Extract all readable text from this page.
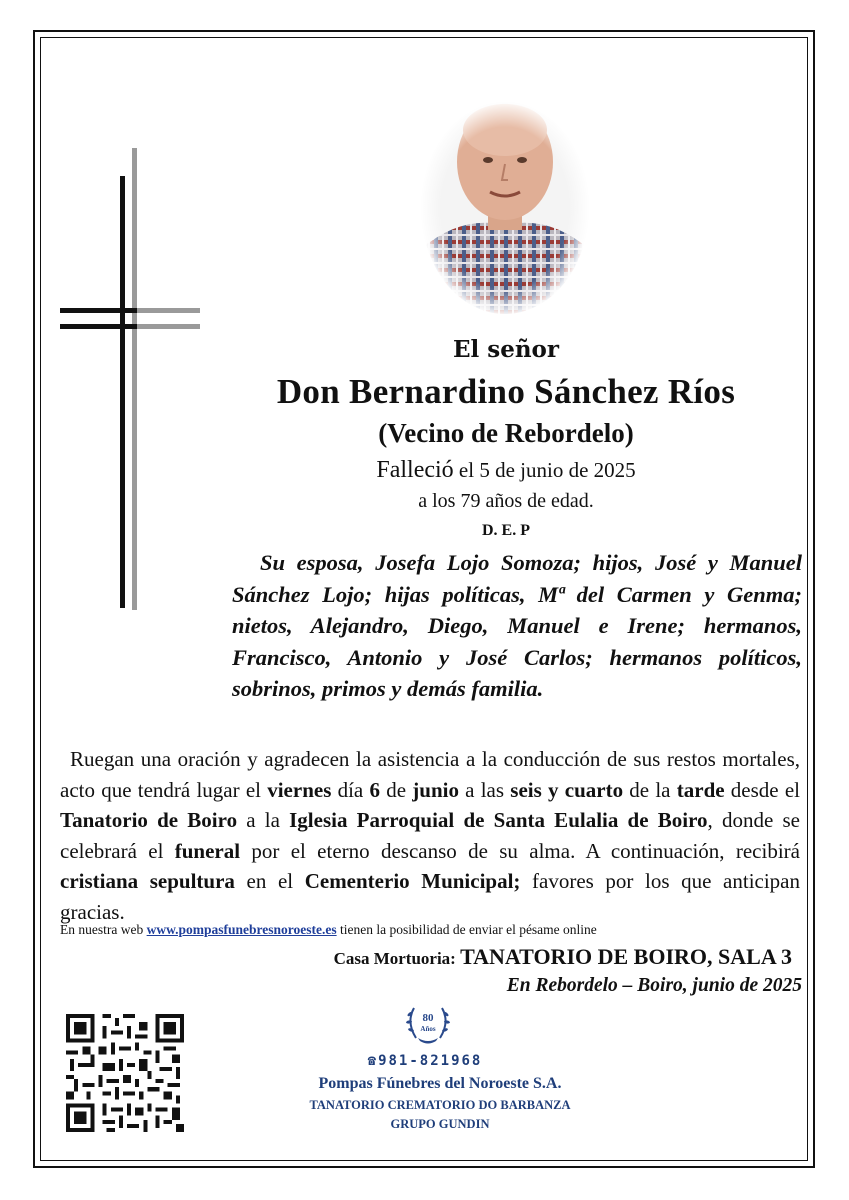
El señor
Don Bernardino Sánchez Ríos
(Vecino de Rebordelo)
Falleció el 5 de junio de 2025
a los 79 años de edad.
D. E. P
Su esposa, Josefa Lojo Somoza; hijos, José y Manuel Sánchez Lojo; hijas políticas, Mª del Carmen y Genma; nietos, Alejandro, Diego, Manuel e Irene; hermanos, Francisco, Antonio y José Carlos; hermanos políticos, sobrinos, primos y demás familia.
Ruegan una oración y agradecen la asistencia a la conducción de sus restos mortales, acto que tendrá lugar el viernes día 6 de junio a las seis y cuarto de la tarde desde el Tanatorio de Boiro a la Iglesia Parroquial de Santa Eulalia de Boiro, donde se celebrará el funeral por el eterno descanso de su alma. A continuación, recibirá cristiana sepultura en el Cementerio Municipal; favores por los que anticipan gracias.
En nuestra web www.pompasfunebresnoroeste.es tienen la posibilidad de enviar el pésame online
Casa Mortuoria: TANATORIO DE BOIRO, SALA 3
En Rebordelo – Boiro, junio de 2025
80
Años
☎981-821968
Pompas Fúnebres del Noroeste S.A.
TANATORIO CREMATORIO DO BARBANZA
GRUPO GUNDIN
